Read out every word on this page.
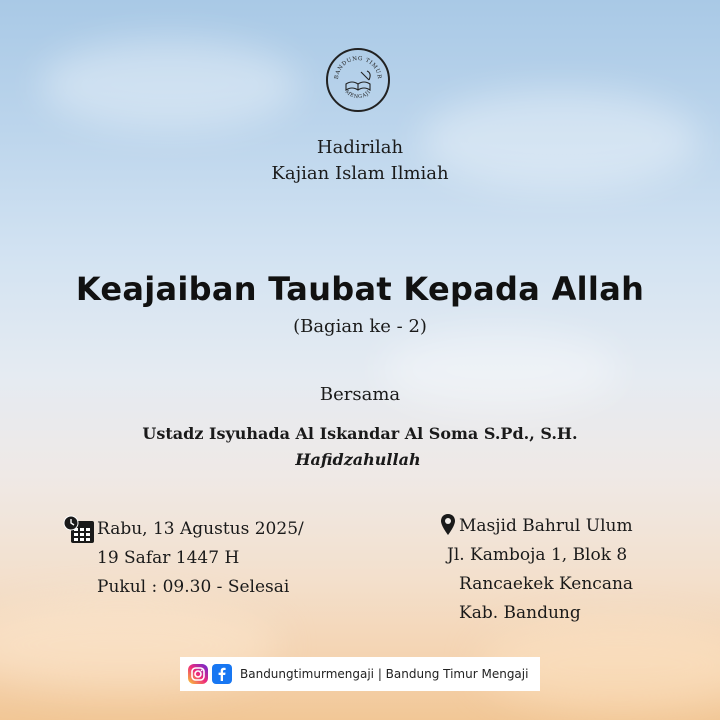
BANDUNG TIMUR
MENGAJI
Hadirilah
Kajian Islam Ilmiah
Keajaiban Taubat Kepada Allah
(Bagian ke - 2)
Bersama
Ustadz Isyuhada Al Iskandar Al Soma S.Pd., S.H.
Hafidzahullah
Rabu, 13 Agustus 2025/
19 Safar 1447 H
Pukul : 09.30 - Selesai
Masjid Bahrul Ulum
Jl. Kamboja 1, Blok 8
Rancaekek Kencana
Kab. Bandung
Bandungtimurmengaji | Bandung Timur Mengaji
